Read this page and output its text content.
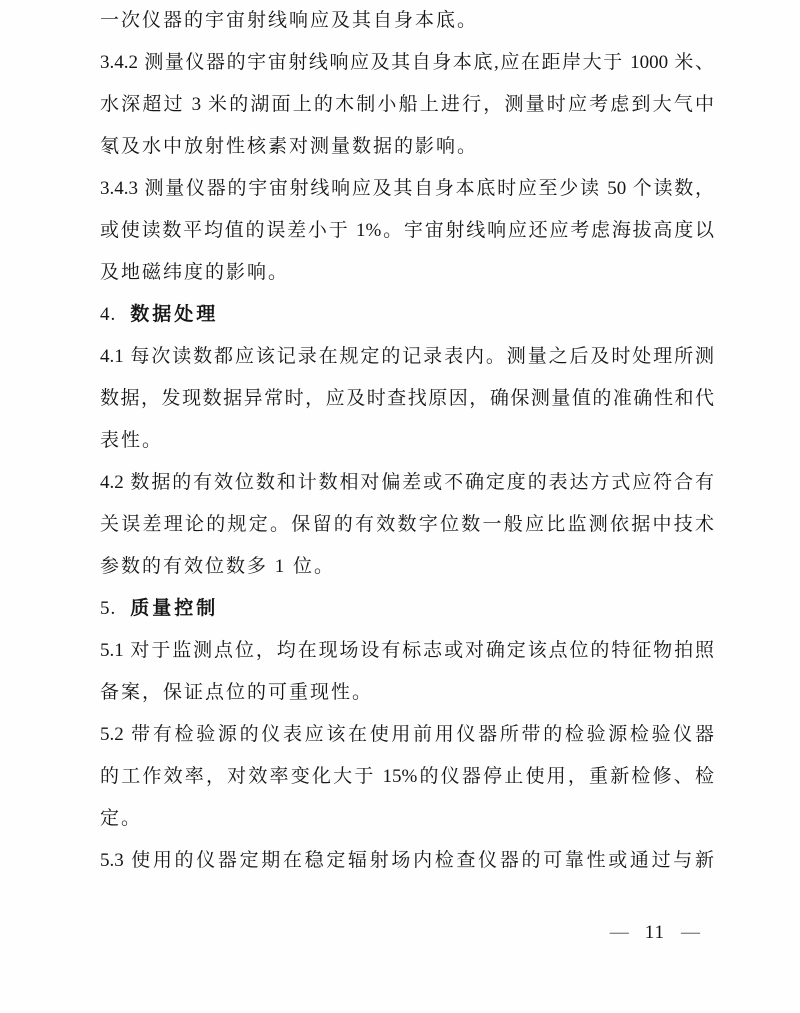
一次仪器的宇宙射线响应及其自身本底。
3.4.2 测量仪器的宇宙射线响应及其自身本底,应在距岸大于 1000 米、
水深超过 3 米的湖面上的木制小船上进行，测量时应考虑到大气中
氡及水中放射性核素对测量数据的影响。
3.4.3 测量仪器的宇宙射线响应及其自身本底时应至少读 50 个读数，
或使读数平均值的误差小于 1%。宇宙射线响应还应考虑海拔高度以
及地磁纬度的影响。
4. 数据处理
4.1 每次读数都应该记录在规定的记录表内。测量之后及时处理所测
数据，发现数据异常时，应及时查找原因，确保测量值的准确性和代
表性。
4.2 数据的有效位数和计数相对偏差或不确定度的表达方式应符合有
关误差理论的规定。保留的有效数字位数一般应比监测依据中技术
参数的有效位数多 1 位。
5. 质量控制
5.1 对于监测点位，均在现场设有标志或对确定该点位的特征物拍照
备案，保证点位的可重现性。
5.2 带有检验源的仪表应该在使用前用仪器所带的检验源检验仪器
的工作效率，对效率变化大于 15%的仪器停止使用，重新检修、检
定。
5.3 使用的仪器定期在稳定辐射场内检查仪器的可靠性或通过与新
— 11 —
